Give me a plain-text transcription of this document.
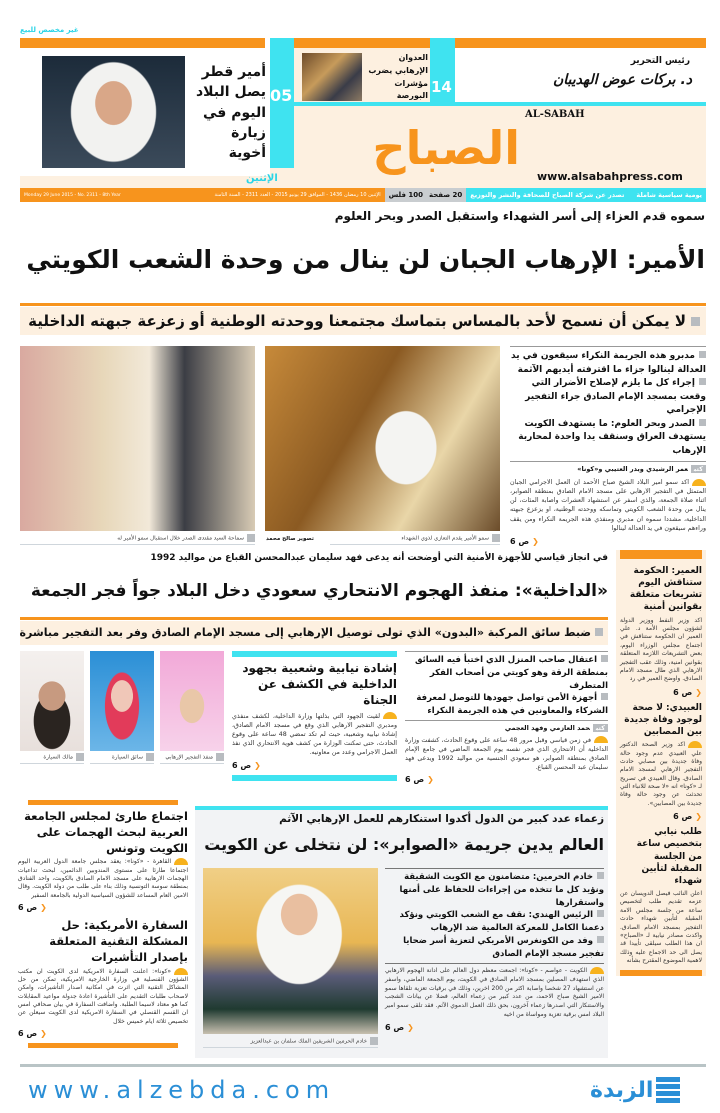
غير مخصص للبيع
أمير قطر يصل البلاد اليوم في زيارة أخوية
05
العدوان الإرهابي يضرب مؤشرات البورصة 14
رئيس التحرير
د. بركات عوض الهديبان
AL-SABAH
الصباح
www.alsabahpress.com
الإثنين
Monday 29 June 2015 - No. 2311 - 8th Year	الإثنين 10 رمضان 1436 - الموافق 29 يونيو 2015 - العدد 2311 - السنة الثامنة 100 فلس 20 صفحة تصدر عن شركة الصباح للصحافة والنشر والتوزيع يومية سياسية شاملة
سموه قدم العزاء إلى أسر الشهداء واستقبل الصدر وبحر العلوم
الأمير: الإرهاب الجبان لن ينال من وحدة الشعب الكويتي
لا يمكن أن نسمح لأحد بالمساس بتماسك مجتمعنا ووحدته الوطنية أو زعزعة جبهته الداخلية
سماحة السيد مقتدى الصدر خلال استقبال سمو الأمير له	تصوير صالح محمد	سمو الأمير يقدم التعازي لذوي الشهداء
مدبرو هذه الجريمة النكراء سيقعون في يد العدالة لينالوا جزاء ما اقترفته أيديهم الآثمة
إجراء كل ما يلزم لإصلاح الأضرار التي وقعت بمسجد الإمام الصادق جراء التفجير الإجرامي
الصدر وبحر العلوم: ما يستهدف الكويت يستهدف العراق وسنقف يدا واحدة لمحاربة الإرهاب
كتبعمر الرشيدي وبدر العتيبي و«كونا»
اكد سمو امير البلاد الشيخ صباح الأحمد ان العمل الاجرامي الجبان المتمثل في التفجير الارهابي على مسجد الامام الصادق بمنطقة الصوابر، اثناء صلاة الجمعة، والذي اسفر عن استشهاد العشرات واصابة المئات، لن ينال من وحدة الشعب الكويتي وتماسكه ووحدته الوطنية، او يزعزع جبهته الداخلية، مشددا سموه ان مدبري ومنفذي هذه الجريمة النكراء ومن يقف وراءهم سيقعون في يد العدالة لينالوا
❮ص 6
العمير: الحكومة ستناقش اليوم تشريعات متعلقة بقوانين أمنية
اكد وزير النفط ووزير الدولة لشؤون مجلس الأمة د. علي العمير ان الحكومة ستناقش في اجتماع مجلس الوزراء اليوم، بعض التشريعات اللازمة المتعلقة بقوانين امنية، وذلك عقب التفجير الارهابي الذي طال مسجد الامام الصادق. واوضح العمير في رد
❮ص 6
العبيدي: لا صحة لوجود وفاة جديدة بين المصابين
اكد وزير الصحة الدكتور علي العبيدي عدم وجود حالة وفاة جديدة بين مصابي حادث التفجير الارهابي لمسجد الامام الصادق. وقال العبيدي في تصريح لـ «كونا» انه «لا صحة للانباء التي تحدثت عن وجود حالة وفاة جديدة بين المصابين».
❮ص 6
طلب نيابي بتخصيص ساعة من الجلسة المقبلة لتأبين شهداء
اعلن النائب فيصل الدويسان عن عزمه تقديم طلب لتخصيص ساعة من جلسة مجلس الامة المقبلة لتأبين شهداء حادث التفجير بمسجد الامام الصادق. واكدت مصادر نيابية لـ «الصباح» ان هذا الطلب سيلقى تأييدا قد يصل الى حد الاجماع عليه وذلك لاهمية الموضوع المقترح بشأنه
في انجاز قياسي للأجهزة الأمنية التي أوضحت أنه يدعى فهد سليمان عبدالمحسن القباع من مواليد 1992
«الداخلية»: منفذ الهجوم الانتحاري سعودي دخل البلاد جواً فجر الجمعة
ضبط سائق المركبة «البدون» الذي تولى توصيل الإرهابي إلى مسجد الإمام الصادق وفر بعد التفجير مباشرة
اعتقال صاحب المنزل الذي اختبأ فيه السائق بمنطقة الرقة وهو كويتي من أصحاب الفكر المتطرف
أجهزة الأمن تواصل جهودها للتوصل لمعرفة الشركاء والمعاونين في هذه الجريمة النكراء
كتبحمد العازمي وفهد العجمي
في زمن قياسي وقبل مرور 48 ساعة على وقوع الحادث، كشفت وزارة الداخلية أن الانتحاري الذي فجر نفسه يوم الجمعة الماضي في جامع الإمام الصادق بمنطقة الصوابر، هو سعودي الجنسية من مواليد 1992 ويدعى فهد سليمان عبد المحسن القباع.
❮ص 6
إشادة نيابية وشعبية بجهود الداخلية في الكشف عن الجناة
لقيت الجهود التي بذلتها وزارة الداخلية، لكشف منفذي ومدبري التفجير الارهابي الذي وقع في مسجد الامام الصادق، إشادة نيابية وشعبية، حيث لم تكد تمضي 48 ساعة على وقوع الحادث، حتى تمكنت الوزارة من كشف هوية الانتحاري الذي نفذ العمل الاجرامي وعدد من معاونيه.
❮ص 6
منفذ التفجير الإرهابي
سائق السيارة
مالك السيارة
زعماء عدد كبير من الدول أكدوا استنكارهم للعمل الإرهابي الآثم
العالم يدين جريمة «الصوابر»: لن نتخلى عن الكويت
خادم الحرمين: متضامنون مع الكويت الشقيقة ونؤيد كل ما تتخذه من إجراءات للحفاظ على أمنها واستقرارها
الرئيس الهندي: نقف مع الشعب الكويتي ونؤكد دعمنا الكامل للمعركة العالمية ضد الإرهاب
وفد من الكونغرس الأمريكي لتعزية أسر ضحايا تفجير مسجد الإمام الصادق
الكويت - عواصم - «كونا»: اجمعت معظم دول العالم على ادانة الهجوم الارهابي الذي استهدف المصلين بمسجد الامام الصادق في الكويت، يوم الجمعة الماضي، واسفر عن استشهاد 27 شخصا واصابة اكثر من 200 اخرين، وذلك في برقيات تعزية تلقاها سمو الامير الشيخ صباح الاحمد، من عدد كبير من زعماء العالم، فضلا عن بيانات الشجب والاستنكار التي اصدرها زعماء آخرون، بحق ذلك العمل الدموي الآثم. فقد تلقى سمو امير البلاد امس برقية تعزية ومواساة من اخيه
❮ص 6
خادم الحرمين الشريفين الملك سلمان بن عبدالعزيز
اجتماع طارئ لمجلس الجامعة العربية لبحث الهجمات على الكويت وتونس
القاهرة - «كونا»: يعقد مجلس جامعة الدول العربية اليوم اجتماعا طارئا على مستوى المندوبين الدائمين، لبحث تداعيات الهجمات الارهابية على مسجد الامام الصادق بالكويت، واحد الفنادق بمنطقة سوسة التونسية وذلك بناء على طلب من دولة الكويت. وقال الامين العام المساعد للشؤون السياسية الدولية بالجامعة السفير
❮ص 6
السفارة الأمريكية: حل المشكلة التقنية المتعلقة بإصدار التأشيرات
«كونا»: اعلنت السفارة الامريكية لدى الكويت ان مكتب الشؤون القنصلية في وزارة الخارجية الامريكية، تمكن من حل المشاكل التقنية التي اثرت في امكانية اصدار التأشيرات، وامكن لاصحاب طلبات التقديم على التأشيرة اعادة جدولة مواعيد المقابلات كما هو معتاد لاسيما الطلبة. واضافت السفارة في بيان صحافي امس ان القسم القنصلي في السفارة الامريكية لدى الكويت سيعلن عن تخصيص ثلاثة ايام خميس خلال
❮ص 6
www.alzebda.com	الزبدة
